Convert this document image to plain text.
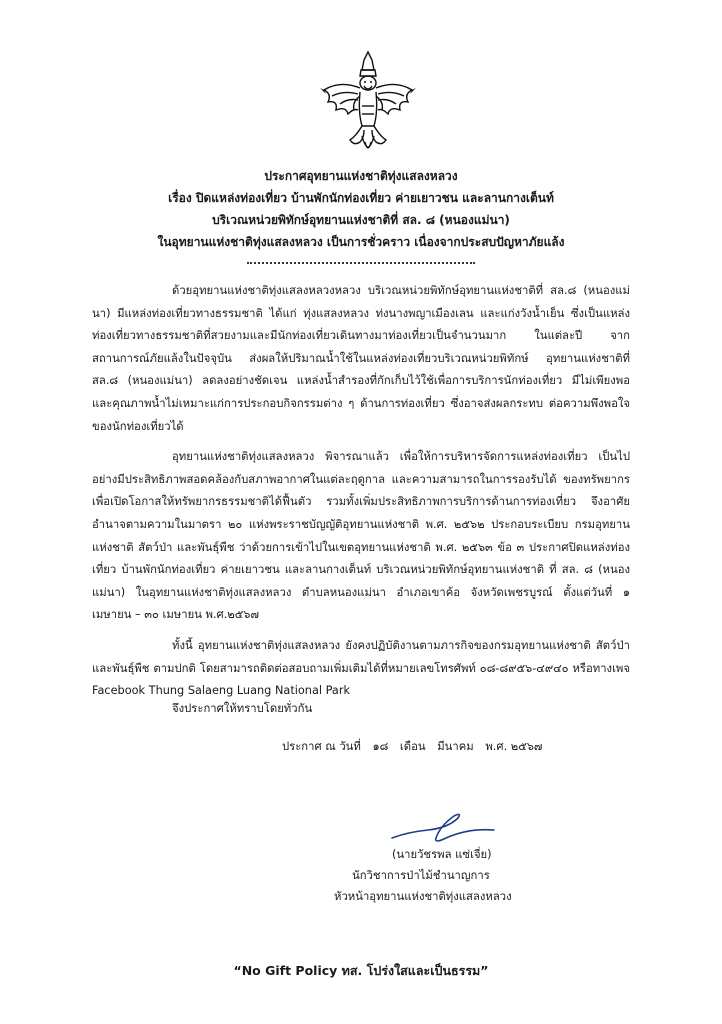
ประกาศอุทยานแห่งชาติทุ่งแสลงหลวง
เรื่อง ปิดแหล่งท่องเที่ยว บ้านพักนักท่องเที่ยว ค่ายเยาวชน และลานกางเต็นท์
บริเวณหน่วยพิทักษ์อุทยานแห่งชาติที่ สล. ๘ (หนองแม่นา)
ในอุทยานแห่งชาติทุ่งแสลงหลวง เป็นการชั่วคราว เนื่องจากประสบปัญหาภัยแล้ง

ด้วยอุทยานแห่งชาติทุ่งแสลงหลวงหลวง บริเวณหน่วยพิทักษ์อุทยานแห่งชาติที่ สล.๘ (หนองแม่นา) มีแหล่งท่องเที่ยวทางธรรมชาติ ได้แก่ ทุ่งแสลงหลวง ท่งนางพญาเมืองเลน และแก่งวังน้ำเย็น ซึ่งเป็นแหล่งท่องเที่ยวทางธรรมชาติที่สวยงามและมีนักท่องเที่ยวเดินทางมาท่องเที่ยวเป็นจำนวนมาก ในแต่ละปี จากสถานการณ์ภัยแล้งในปัจจุบัน ส่งผลให้ปริมาณน้ำใช้ในแหล่งท่องเที่ยวบริเวณหน่วยพิทักษ์ อุทยานแห่งชาติที่ สล.๘ (หนองแม่นา) ลดลงอย่างชัดเจน แหล่งน้ำสำรองที่กักเก็บไว้ใช้เพื่อการบริการนักท่องเที่ยว มีไม่เพียงพอ และคุณภาพน้ำไม่เหมาะแก่การประกอบกิจกรรมต่าง ๆ ด้านการท่องเที่ยว ซึ่งอาจส่งผลกระทบ ต่อความพึงพอใจของนักท่องเที่ยวได้

อุทยานแห่งชาติทุ่งแสลงหลวง พิจารณาแล้ว เพื่อให้การบริหารจัดการแหล่งท่องเที่ยว เป็นไปอย่างมีประสิทธิภาพสอดคล้องกับสภาพอากาศในแต่ละฤดูกาล และความสามารถในการรองรับได้ ของทรัพยากร เพื่อเปิดโอกาสให้ทรัพยากรธรรมชาติได้ฟื้นตัว รวมทั้งเพิ่มประสิทธิภาพการบริการด้านการท่องเที่ยว จึงอาศัยอำนาจตามความในมาตรา ๒๐ แห่งพระราชบัญญัติอุทยานแห่งชาติ พ.ศ. ๒๕๖๒ ประกอบระเบียบ กรมอุทยานแห่งชาติ สัตว์ป่า และพันธุ์พืช ว่าด้วยการเข้าไปในเขตอุทยานแห่งชาติ พ.ศ. ๒๕๖๓ ข้อ ๓ ประกาศปิดแหล่งท่องเที่ยว บ้านพักนักท่องเที่ยว ค่ายเยาวชน และลานกางเต็นท์ บริเวณหน่วยพิทักษ์อุทยานแห่งชาติ ที่ สล. ๘ (หนองแม่นา) ในอุทยานแห่งชาติทุ่งแสลงหลวง ตำบลหนองแม่นา อำเภอเขาค้อ จังหวัดเพชรบูรณ์ ตั้งแต่วันที่ ๑ เมษายน – ๓๐ เมษายน พ.ศ.๒๕๖๗

ทั้งนี้ อุทยานแห่งชาติทุ่งแสลงหลวง ยังคงปฏิบัติงานตามภารกิจของกรมอุทยานแห่งชาติ สัตว์ป่า และพันธุ์พืช ตามปกติ โดยสามารถติดต่อสอบถามเพิ่มเติมได้ที่หมายเลขโทรศัพท์ ๐๘-๘๙๕๖-๔๙๔๐ หรือทางเพจ Facebook Thung Salaeng Luang National Park

จึงประกาศให้ทราบโดยทั่วกัน
ประกาศ ณ วันที่ ๑๘ เดือน มีนาคม พ.ศ. ๒๕๖๗
(นายวัชรพล แซ่เจี่ย)
นักวิชาการป่าไม้ชำนาญการ
หัวหน้าอุทยานแห่งชาติทุ่งแสลงหลวง
“No Gift Policy ทส. โปร่งใสและเป็นธรรม”
